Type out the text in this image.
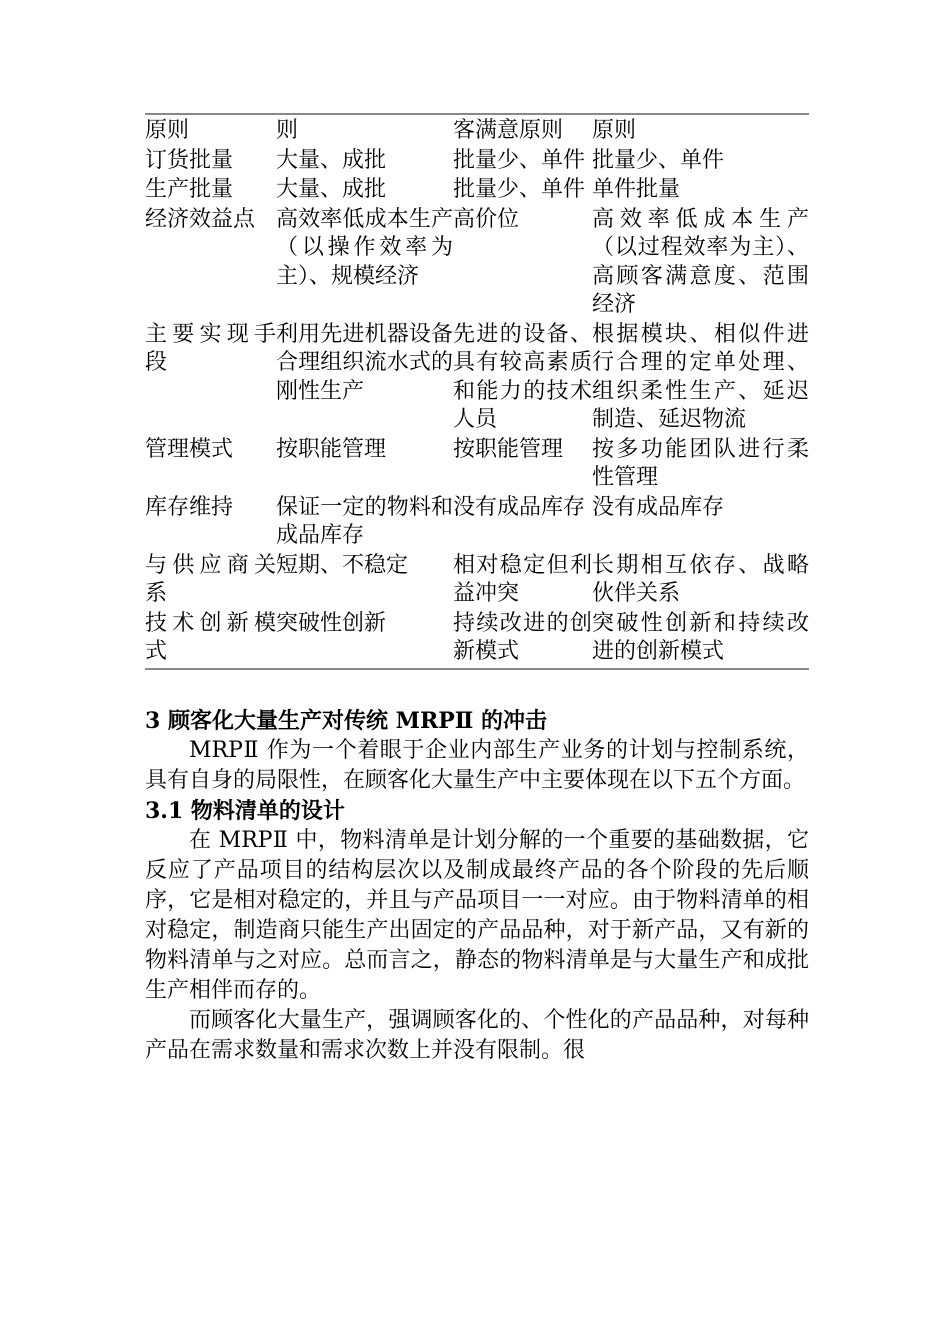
原则	则	客满意原则	原则
订货批量	大量、成批	批量少、单件	批量少、单件
生产批量	大量、成批	批量少、单件	单件批量
经济效益点	高效率低成本生产（以操作效率为主）、规模经济	高价位	高效率低成本生产（以过程效率为主）、高顾客满意度、范围经济
主要实现手段	利用先进机器设备合理组织流水式的刚性生产	先进的设备、具有较高素质和能力的技术人员	根据模块、相似件进行合理的定单处理、组织柔性生产、延迟制造、延迟物流
管理模式	按职能管理	按职能管理	按多功能团队进行柔性管理
库存维持	保证一定的物料和成品库存	没有成品库存	没有成品库存
与供应商关系	短期、不稳定	相对稳定但利益冲突	长期相互依存、战略伙伴关系
技术创新模式	突破性创新	持续改进的创新模式	突破性创新和持续改进的创新模式
3 顾客化大量生产对传统 MRPⅡ 的冲击

MRPⅡ 作为一个着眼于企业内部生产业务的计划与控制系统，具有自身的局限性，在顾客化大量生产中主要体现在以下五个方面。

3.1 物料清单的设计

在 MRPⅡ 中，物料清单是计划分解的一个重要的基础数据，它反应了产品项目的结构层次以及制成最终产品的各个阶段的先后顺序，它是相对稳定的，并且与产品项目一一对应。由于物料清单的相对稳定，制造商只能生产出固定的产品品种，对于新产品，又有新的物料清单与之对应。总而言之，静态的物料清单是与大量生产和成批生产相伴而存的。

而顾客化大量生产，强调顾客化的、个性化的产品品种，对每种产品在需求数量和需求次数上并没有限制。很
